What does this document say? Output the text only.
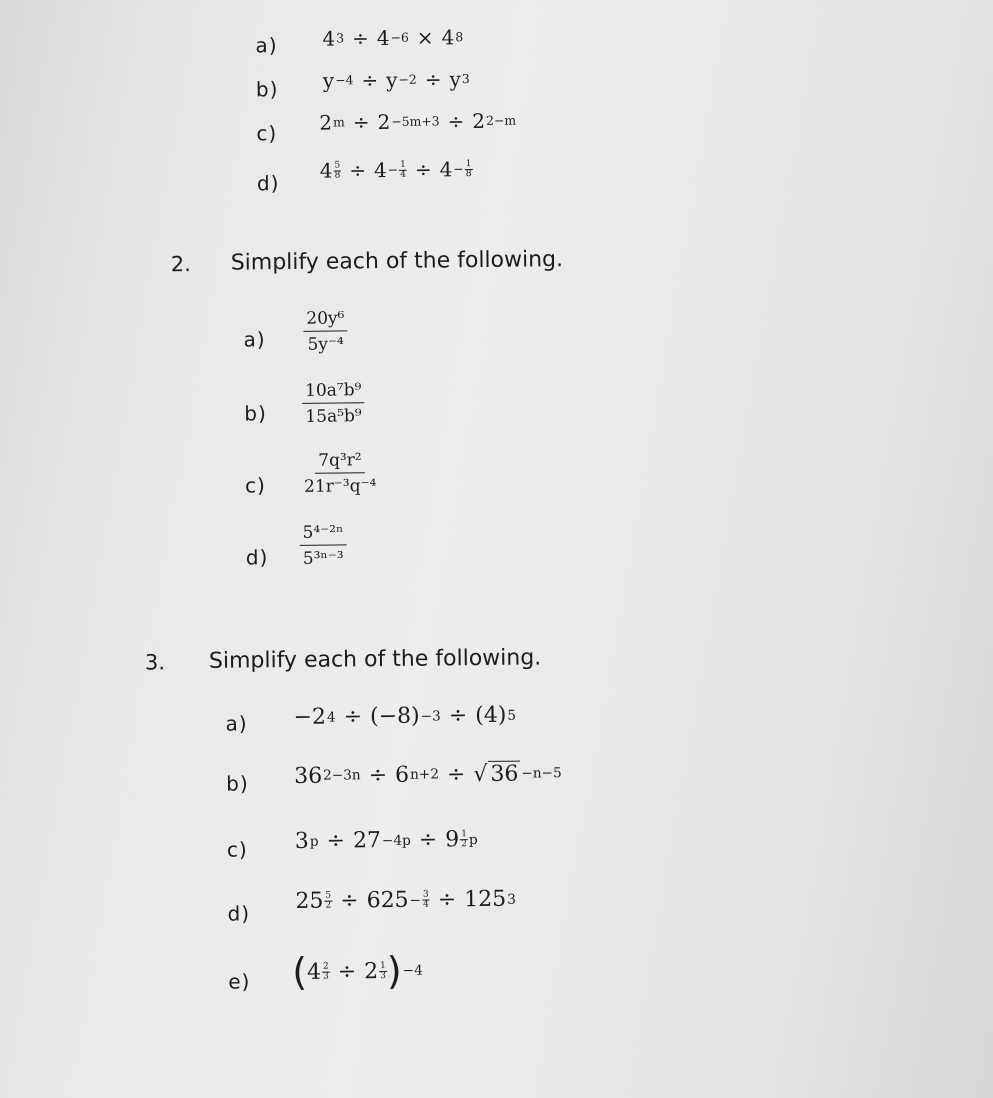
a) 4 3 ÷ 4 −6 × 4 8
b) y −4 ÷ y −2 ÷ y 3
c) 2 m ÷ 2 −5m+3 ÷ 2 2−m
d)
$4 \frac{5}{8} \div 4 - \frac{1}{4} \div 4 - \frac{1}{8}$
2. Simplify each of the following.
$a) \frac{\text{20y⁶}}{\text{5y⁻⁴}}$
$b) \frac{\text{10a⁷b⁹}}{\text{15a⁵b⁹}}$
$c) \frac{\text{7q³r²}}{\text{21r⁻³q⁻⁴}}$
$d) \frac{\text{5⁴⁻²ⁿ}}{\text{5³ⁿ⁻³}}$
3. Simplify each of the following.
a) −2 4 ÷ (−8) −3 ÷ (4) 5
b) 36 2−3n ÷ 6 n+2 ÷ √ 36 −n−5
c) 3 p ÷ 27 −4p ÷ 9 1
2 p
d) $25 \frac{5}{2} \div 625 - \frac{3}{4} \div 125$ 3
e) ( $4 \frac{2}{3} \div 2$ 1
3 ) −4
